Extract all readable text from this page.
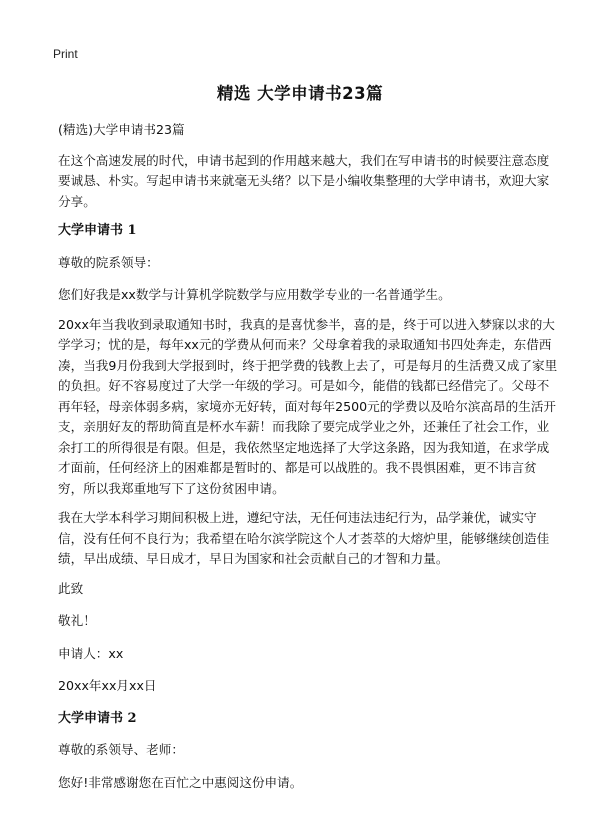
Print
精选 大学申请书23篇

(精选)大学申请书23篇

在这个高速发展的时代，申请书起到的作用越来越大，我们在写申请书的时候要注意态度要诚恳、朴实。写起申请书来就毫无头绪？以下是小编收集整理的大学申请书，欢迎大家分享。

大学申请书 1

尊敬的院系领导：

您们好我是xx数学与计算机学院数学与应用数学专业的一名普通学生。

20xx年当我收到录取通知书时，我真的是喜忧参半，喜的是，终于可以进入梦寐以求的大学学习；忧的是，每年xx元的学费从何而来？父母拿着我的录取通知书四处奔走，东借西凑，当我9月份我到大学报到时，终于把学费的钱教上去了，可是每月的生活费又成了家里的负担。好不容易度过了大学一年级的学习。可是如今，能借的钱都已经借完了。父母不再年轻，母亲体弱多病，家境亦无好转，面对每年2500元的学费以及哈尔滨高昂的生活开支，亲朋好友的帮助简直是杯水车薪！而我除了要完成学业之外，还兼任了社会工作，业余打工的所得很是有限。但是，我依然坚定地选择了大学这条路，因为我知道，在求学成才面前，任何经济上的困难都是暂时的、都是可以战胜的。我不畏惧困难，更不讳言贫穷，所以我郑重地写下了这份贫困申请。

我在大学本科学习期间积极上进，遵纪守法，无任何违法违纪行为，品学兼优，诚实守信，没有任何不良行为；我希望在哈尔滨学院这个人才荟萃的大熔炉里，能够继续创造佳绩，早出成绩、早日成才，早日为国家和社会贡献自己的才智和力量。

此致

敬礼！

申请人：xx

20xx年xx月xx日

大学申请书 2

尊敬的系领导、老师：

您好!非常感谢您在百忙之中惠阅这份申请。
